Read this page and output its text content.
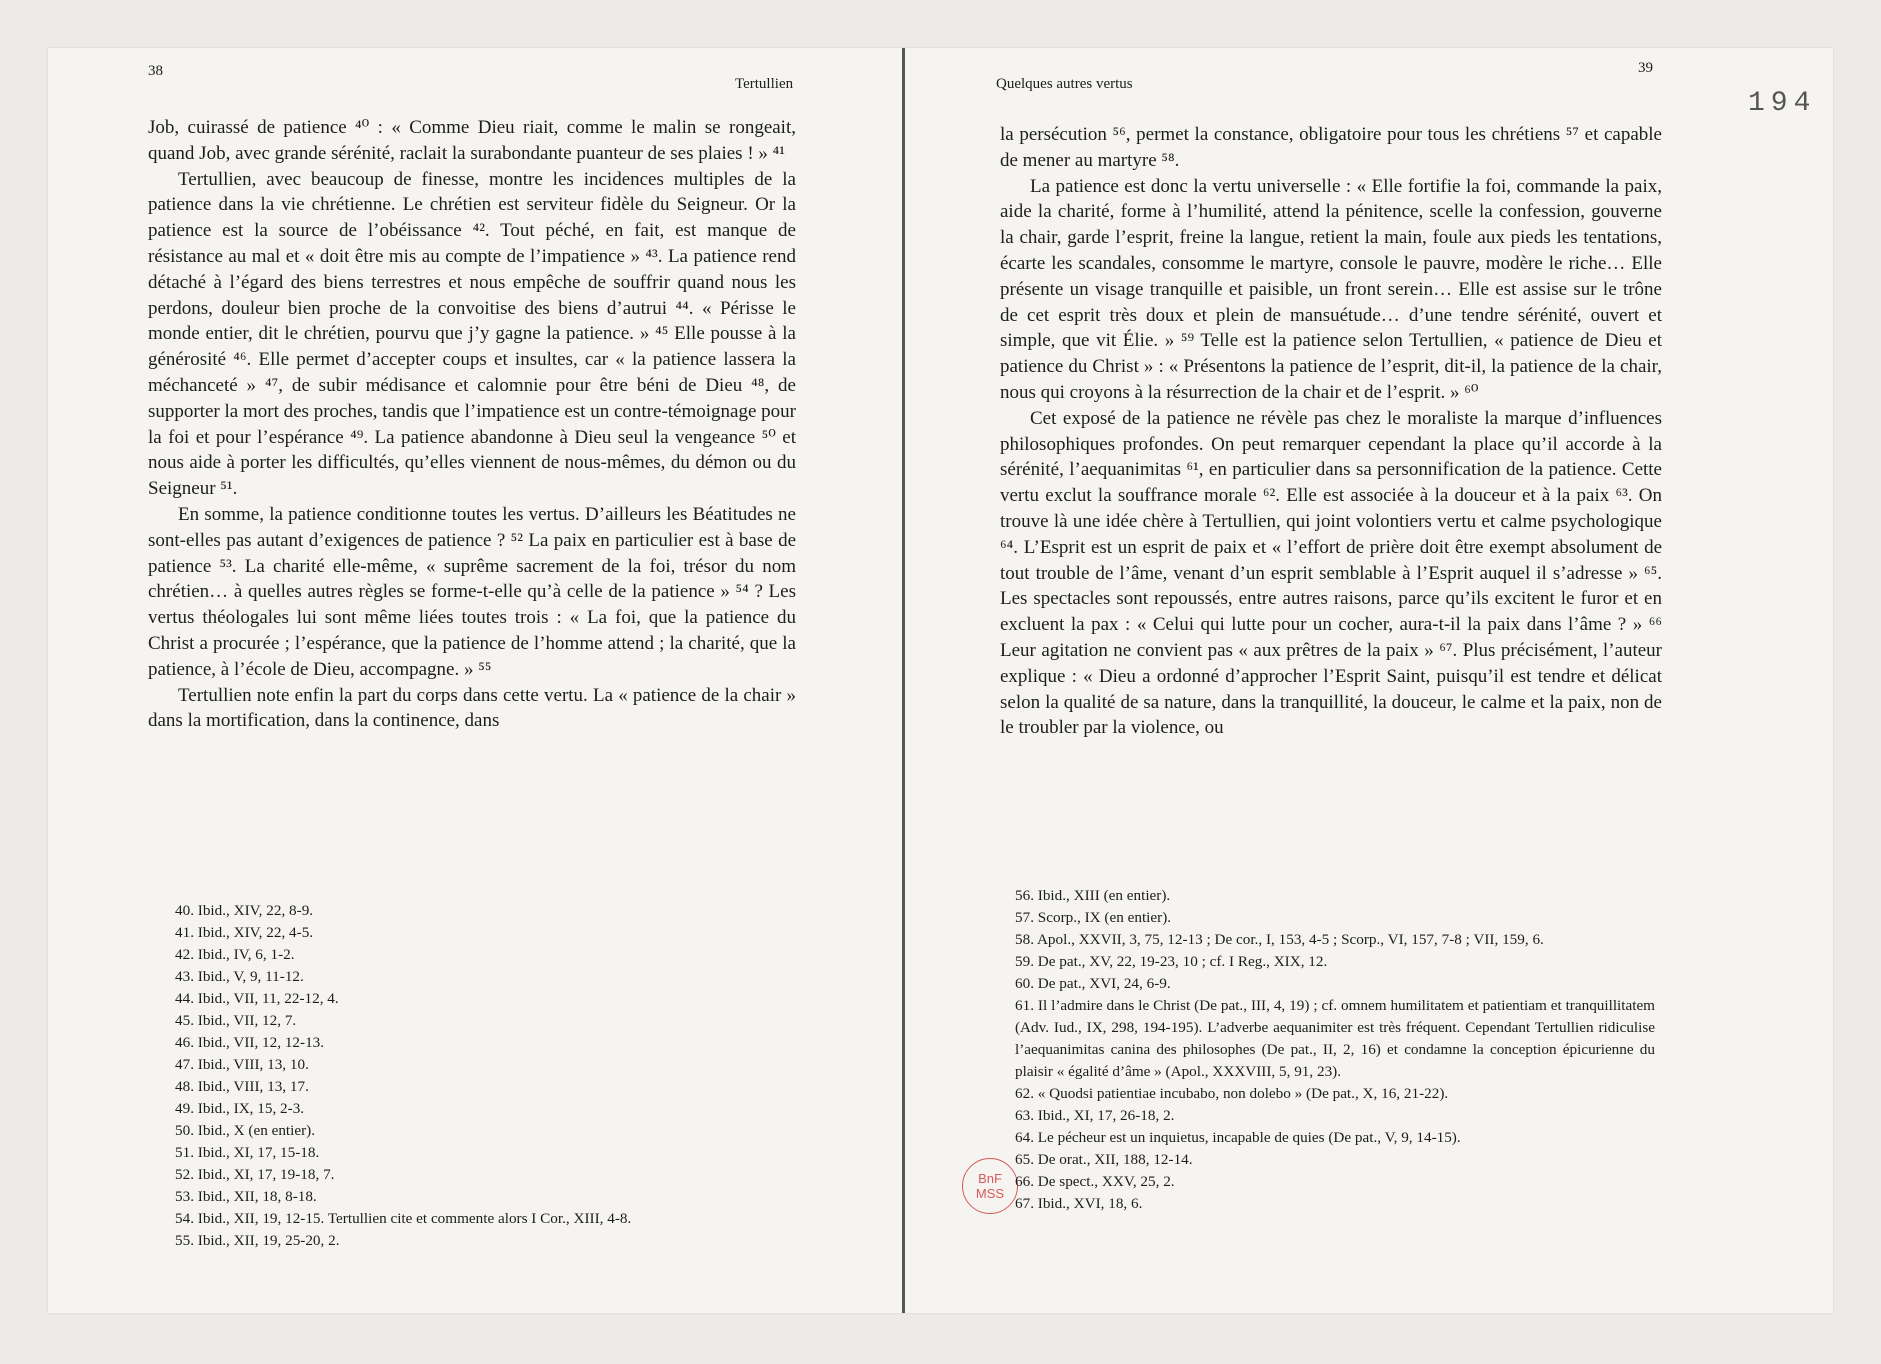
194
BnF
MSS
38
Tertullien

Job, cuirassé de patience ⁴⁰ : « Comme Dieu riait, comme le malin se rongeait, quand Job, avec grande sérénité, raclait la surabondante puanteur de ses plaies ! » ⁴¹

Tertullien, avec beaucoup de finesse, montre les incidences multiples de la patience dans la vie chrétienne. Le chrétien est serviteur fidèle du Seigneur. Or la patience est la source de l’obéissance ⁴². Tout péché, en fait, est manque de résistance au mal et « doit être mis au compte de l’impatience » ⁴³. La patience rend détaché à l’égard des biens terrestres et nous empêche de souffrir quand nous les perdons, douleur bien proche de la convoitise des biens d’autrui ⁴⁴. « Périsse le monde entier, dit le chrétien, pourvu que j’y gagne la patience. » ⁴⁵ Elle pousse à la générosité ⁴⁶. Elle permet d’accepter coups et insultes, car « la patience lassera la méchanceté » ⁴⁷, de subir médisance et calomnie pour être béni de Dieu ⁴⁸, de supporter la mort des proches, tandis que l’impatience est un contre-témoignage pour la foi et pour l’espérance ⁴⁹. La patience abandonne à Dieu seul la vengeance ⁵⁰ et nous aide à porter les difficultés, qu’elles viennent de nous-mêmes, du démon ou du Seigneur ⁵¹.

En somme, la patience conditionne toutes les vertus. D’ailleurs les Béatitudes ne sont-elles pas autant d’exigences de patience ? ⁵² La paix en particulier est à base de patience ⁵³. La charité elle-même, « suprême sacrement de la foi, trésor du nom chrétien… à quelles autres règles se forme-t-elle qu’à celle de la patience » ⁵⁴ ? Les vertus théologales lui sont même liées toutes trois : « La foi, que la patience du Christ a procurée ; l’espérance, que la patience de l’homme attend ; la charité, que la patience, à l’école de Dieu, accompagne. » ⁵⁵

Tertullien note enfin la part du corps dans cette vertu. La « patience de la chair » dans la mortification, dans la continence, dans

40. Ibid., XIV, 22, 8-9.
41. Ibid., XIV, 22, 4-5.
42. Ibid., IV, 6, 1-2.
43. Ibid., V, 9, 11-12.
44. Ibid., VII, 11, 22-12, 4.
45. Ibid., VII, 12, 7.
46. Ibid., VII, 12, 12-13.
47. Ibid., VIII, 13, 10.
48. Ibid., VIII, 13, 17.
49. Ibid., IX, 15, 2-3.
50. Ibid., X (en entier).
51. Ibid., XI, 17, 15-18.
52. Ibid., XI, 17, 19-18, 7.
53. Ibid., XII, 18, 8-18.
54. Ibid., XII, 19, 12-15. Tertullien cite et commente alors I Cor., XIII, 4-8.
55. Ibid., XII, 19, 25-20, 2.
39
Quelques autres vertus

la persécution ⁵⁶, permet la constance, obligatoire pour tous les chrétiens ⁵⁷ et capable de mener au martyre ⁵⁸.

La patience est donc la vertu universelle : « Elle fortifie la foi, commande la paix, aide la charité, forme à l’humilité, attend la pénitence, scelle la confession, gouverne la chair, garde l’esprit, freine la langue, retient la main, foule aux pieds les tentations, écarte les scandales, consomme le martyre, console le pauvre, modère le riche… Elle présente un visage tranquille et paisible, un front serein… Elle est assise sur le trône de cet esprit très doux et plein de mansuétude… d’une tendre sérénité, ouvert et simple, que vit Élie. » ⁵⁹ Telle est la patience selon Tertullien, « patience de Dieu et patience du Christ » : « Présentons la patience de l’esprit, dit-il, la patience de la chair, nous qui croyons à la résurrection de la chair et de l’esprit. » ⁶⁰

Cet exposé de la patience ne révèle pas chez le moraliste la marque d’influences philosophiques profondes. On peut remarquer cependant la place qu’il accorde à la sérénité, l’aequanimitas ⁶¹, en particulier dans sa personnification de la patience. Cette vertu exclut la souffrance morale ⁶². Elle est associée à la douceur et à la paix ⁶³. On trouve là une idée chère à Tertullien, qui joint volontiers vertu et calme psychologique ⁶⁴. L’Esprit est un esprit de paix et « l’effort de prière doit être exempt absolument de tout trouble de l’âme, venant d’un esprit semblable à l’Esprit auquel il s’adresse » ⁶⁵. Les spectacles sont repoussés, entre autres raisons, parce qu’ils excitent le furor et en excluent la pax : « Celui qui lutte pour un cocher, aura-t-il la paix dans l’âme ? » ⁶⁶ Leur agitation ne convient pas « aux prêtres de la paix » ⁶⁷. Plus précisément, l’auteur explique : « Dieu a ordonné d’approcher l’Esprit Saint, puisqu’il est tendre et délicat selon la qualité de sa nature, dans la tranquillité, la douceur, le calme et la paix, non de le troubler par la violence, ou

56. Ibid., XIII (en entier).
57. Scorp., IX (en entier).
58. Apol., XXVII, 3, 75, 12-13 ; De cor., I, 153, 4-5 ; Scorp., VI, 157, 7-8 ; VII, 159, 6.
59. De pat., XV, 22, 19-23, 10 ; cf. I Reg., XIX, 12.
60. De pat., XVI, 24, 6-9.
61. Il l’admire dans le Christ (De pat., III, 4, 19) ; cf. omnem humilitatem et patientiam et tranquillitatem (Adv. Iud., IX, 298, 194-195). L’adverbe aequanimiter est très fréquent. Cependant Tertullien ridiculise l’aequanimitas canina des philosophes (De pat., II, 2, 16) et condamne la conception épicurienne du plaisir « égalité d’âme » (Apol., XXXVIII, 5, 91, 23).
62. « Quodsi patientiae incubabo, non dolebo » (De pat., X, 16, 21-22).
63. Ibid., XI, 17, 26-18, 2.
64. Le pécheur est un inquietus, incapable de quies (De pat., V, 9, 14-15).
65. De orat., XII, 188, 12-14.
66. De spect., XXV, 25, 2.
67. Ibid., XVI, 18, 6.
